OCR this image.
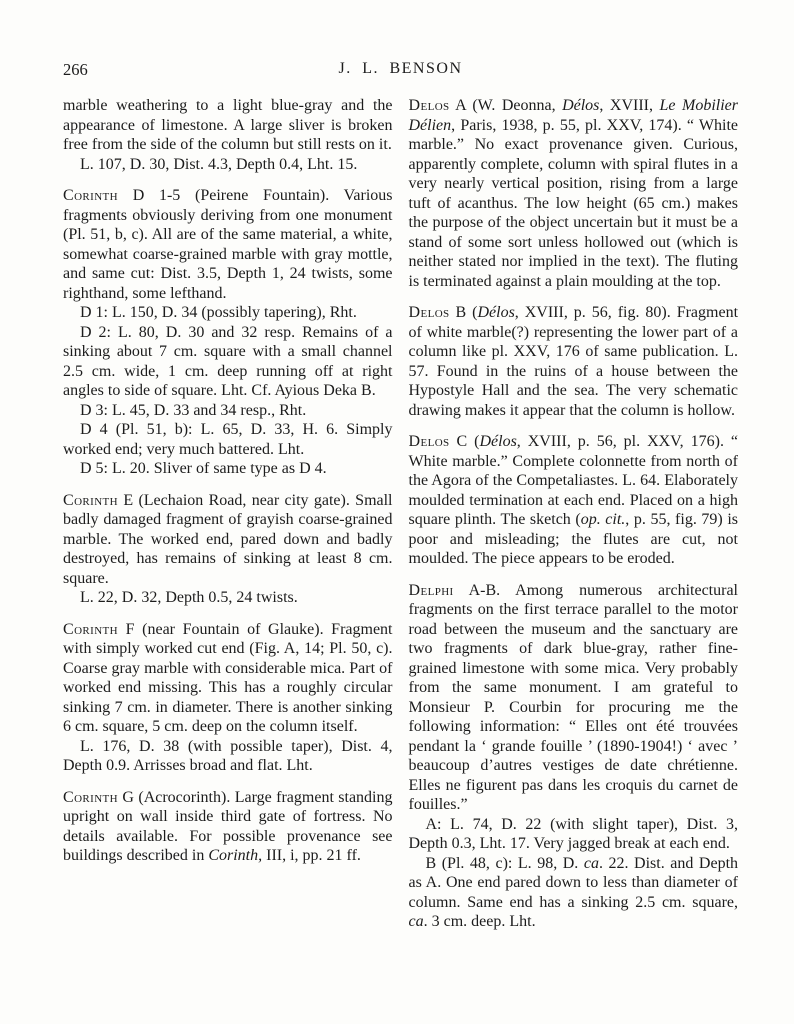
266	J. L. BENSON

marble weathering to a light blue-gray and the appearance of limestone. A large sliver is broken free from the side of the column but still rests on it.

L. 107, D. 30, Dist. 4.3, Depth 0.4, Lht. 15.

Corinth D 1-5 (Peirene Fountain). Various fragments obviously deriving from one monument (Pl. 51, b, c). All are of the same material, a white, somewhat coarse-grained marble with gray mottle, and same cut: Dist. 3.5, Depth 1, 24 twists, some righthand, some lefthand.

D 1: L. 150, D. 34 (possibly tapering), Rht.

D 2: L. 80, D. 30 and 32 resp. Remains of a sinking about 7 cm. square with a small channel 2.5 cm. wide, 1 cm. deep running off at right angles to side of square. Lht. Cf. Ayious Deka B.

D 3: L. 45, D. 33 and 34 resp., Rht.

D 4 (Pl. 51, b): L. 65, D. 33, H. 6. Simply worked end; very much battered. Lht.

D 5: L. 20. Sliver of same type as D 4.

Corinth E (Lechaion Road, near city gate). Small badly damaged fragment of grayish coarse-grained marble. The worked end, pared down and badly destroyed, has remains of sinking at least 8 cm. square.

L. 22, D. 32, Depth 0.5, 24 twists.

Corinth F (near Fountain of Glauke). Fragment with simply worked cut end (Fig. A, 14; Pl. 50, c). Coarse gray marble with considerable mica. Part of worked end missing. This has a roughly circular sinking 7 cm. in diameter. There is another sinking 6 cm. square, 5 cm. deep on the column itself.

L. 176, D. 38 (with possible taper), Dist. 4, Depth 0.9. Arrisses broad and flat. Lht.

Corinth G (Acrocorinth). Large fragment standing upright on wall inside third gate of fortress. No details available. For possible provenance see buildings described in Corinth, III, i, pp. 21 ff.

Delos A (W. Deonna, Délos, XVIII, Le Mobilier Délien, Paris, 1938, p. 55, pl. XXV, 174). “ White marble.” No exact provenance given. Curious, apparently complete, column with spiral flutes in a very nearly vertical position, rising from a large tuft of acanthus. The low height (65 cm.) makes the purpose of the object uncertain but it must be a stand of some sort unless hollowed out (which is neither stated nor implied in the text). The fluting is terminated against a plain moulding at the top.

Delos B (Délos, XVIII, p. 56, fig. 80). Fragment of white marble(?) representing the lower part of a column like pl. XXV, 176 of same publication. L. 57. Found in the ruins of a house between the Hypostyle Hall and the sea. The very schematic drawing makes it appear that the column is hollow.

Delos C (Délos, XVIII, p. 56, pl. XXV, 176). “ White marble.” Complete colonnette from north of the Agora of the Competaliastes. L. 64. Elaborately moulded termination at each end. Placed on a high square plinth. The sketch (op. cit., p. 55, fig. 79) is poor and misleading; the flutes are cut, not moulded. The piece appears to be eroded.

Delphi A-B. Among numerous architectural fragments on the first terrace parallel to the motor road between the museum and the sanctuary are two fragments of dark blue-gray, rather fine-grained limestone with some mica. Very probably from the same monument. I am grateful to Monsieur P. Courbin for procuring me the following information: “ Elles ont été trouvées pendant la ‘ grande fouille ’ (1890-1904!) ‘ avec ’ beaucoup d’autres vestiges de date chrétienne. Elles ne figurent pas dans les croquis du carnet de fouilles.”

A: L. 74, D. 22 (with slight taper), Dist. 3, Depth 0.3, Lht. 17. Very jagged break at each end.

B (Pl. 48, c): L. 98, D. ca. 22. Dist. and Depth as A. One end pared down to less than diameter of column. Same end has a sinking 2.5 cm. square, ca. 3 cm. deep. Lht.
